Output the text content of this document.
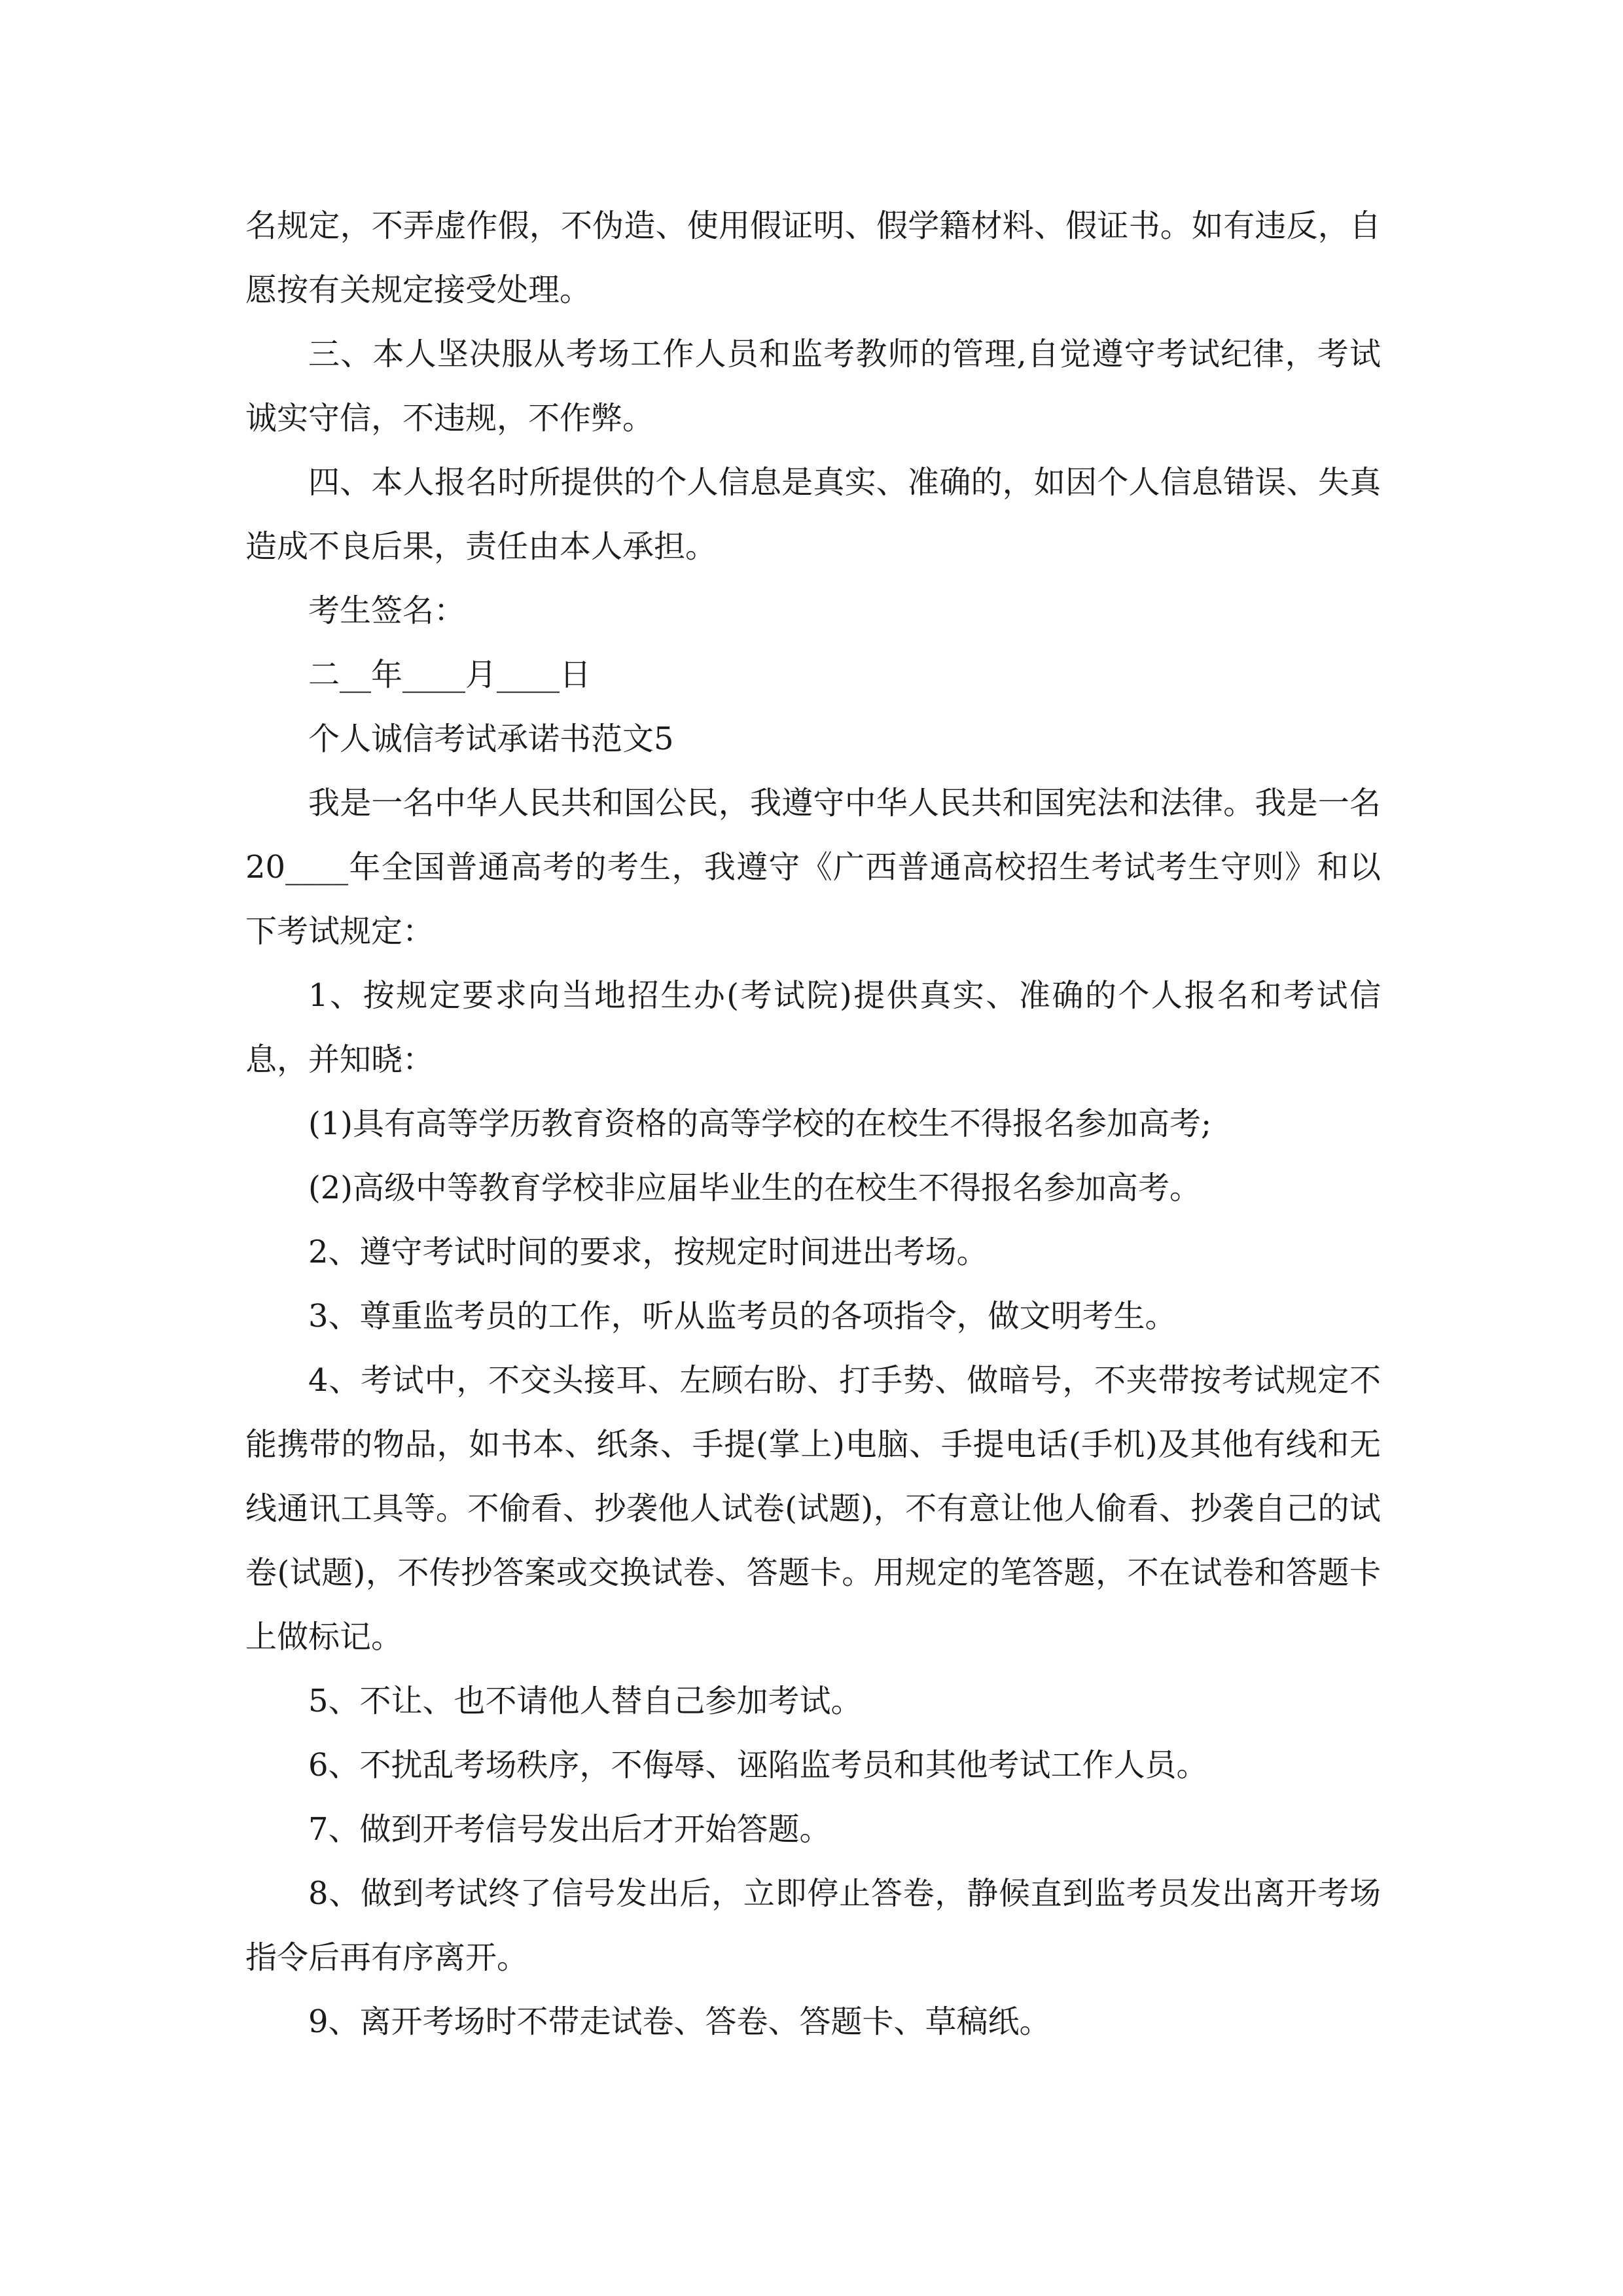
名规定，不弄虚作假，不伪造、使用假证明、假学籍材料、假证书。如有违反，自愿按有关规定接受处理。

三、本人坚决服从考场工作人员和监考教师的管理,自觉遵守考试纪律，考试诚实守信，不违规，不作弊。

四、本人报名时所提供的个人信息是真实、准确的，如因个人信息错误、失真造成不良后果，责任由本人承担。

考生签名：

二__年____月____日

个人诚信考试承诺书范文5

我是一名中华人民共和国公民，我遵守中华人民共和国宪法和法律。我是一名20____年全国普通高考的考生，我遵守《广西普通高校招生考试考生守则》和以下考试规定：

1、按规定要求向当地招生办(考试院)提供真实、准确的个人报名和考试信息，并知晓：

(1)具有高等学历教育资格的高等学校的在校生不得报名参加高考;

(2)高级中等教育学校非应届毕业生的在校生不得报名参加高考。

2、遵守考试时间的要求，按规定时间进出考场。

3、尊重监考员的工作，听从监考员的各项指令，做文明考生。

4、考试中，不交头接耳、左顾右盼、打手势、做暗号，不夹带按考试规定不能携带的物品，如书本、纸条、手提(掌上)电脑、手提电话(手机)及其他有线和无线通讯工具等。不偷看、抄袭他人试卷(试题)，不有意让他人偷看、抄袭自己的试卷(试题)，不传抄答案或交换试卷、答题卡。用规定的笔答题，不在试卷和答题卡上做标记。

5、不让、也不请他人替自己参加考试。

6、不扰乱考场秩序，不侮辱、诬陷监考员和其他考试工作人员。

7、做到开考信号发出后才开始答题。

8、做到考试终了信号发出后，立即停止答卷，静候直到监考员发出离开考场指令后再有序离开。

9、离开考场时不带走试卷、答卷、答题卡、草稿纸。
